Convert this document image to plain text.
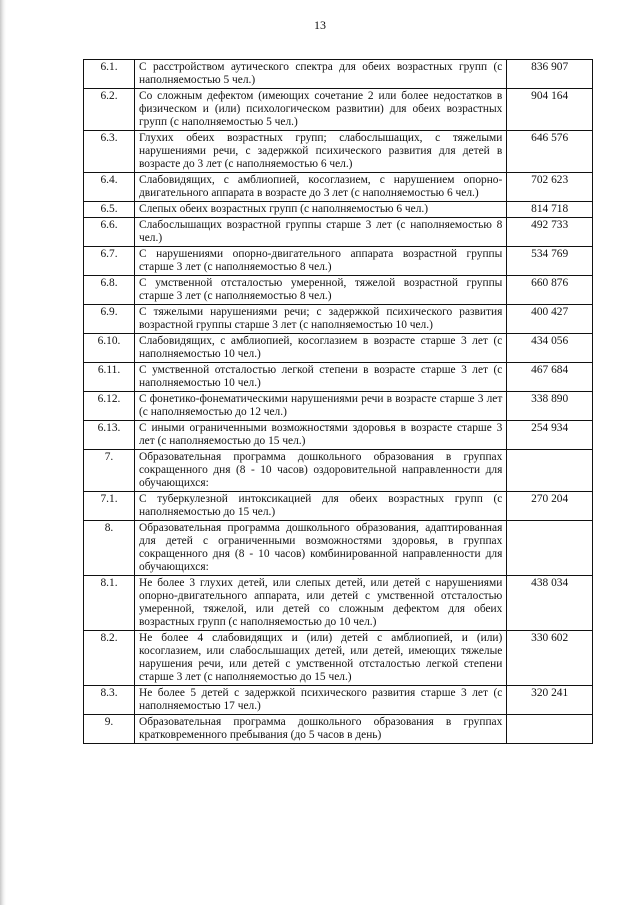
13
6.1.	С расстройством аутического спектра для обеих возрастных групп (с наполняемостью 5 чел.)	836 907
6.2.	Со сложным дефектом (имеющих сочетание 2 или более недостатков в физическом и (или) психологическом развитии) для обеих возрастных групп (с наполняемостью 5 чел.)	904 164
6.3.	Глухих обеих возрастных групп; слабослышащих, с тяжелыми нарушениями речи, с задержкой психического развития для детей в возрасте до 3 лет (с наполняемостью 6 чел.)	646 576
6.4.	Слабовидящих, с амблиопией, косоглазием, с нарушением опорно-двигательного аппарата в возрасте до 3 лет (с наполняемостью 6 чел.)	702 623
6.5.	Слепых обеих возрастных групп (с наполняемостью 6 чел.)	814 718
6.6.	Слабослышащих возрастной группы старше 3 лет (с наполняемостью 8 чел.)	492 733
6.7.	С нарушениями опорно-двигательного аппарата возрастной группы старше 3 лет (с наполняемостью 8 чел.)	534 769
6.8.	С умственной отсталостью умеренной, тяжелой возрастной группы старше 3 лет (с наполняемостью 8 чел.)	660 876
6.9.	С тяжелыми нарушениями речи; с задержкой психического развития возрастной группы старше 3 лет (с наполняемостью 10 чел.)	400 427
6.10.	Слабовидящих, с амблиопией, косоглазием в возрасте старше 3 лет (с наполняемостью 10 чел.)	434 056
6.11.	С умственной отсталостью легкой степени в возрасте старше 3 лет (с наполняемостью 10 чел.)	467 684
6.12.	С фонетико-фонематическими нарушениями речи в возрасте старше 3 лет (с наполняемостью до 12 чел.)	338 890
6.13.	С иными ограниченными возможностями здоровья в возрасте старше 3 лет (с наполняемостью до 15 чел.)	254 934
7.	Образовательная программа дошкольного образования в группах сокращенного дня (8 - 10 часов) оздоровительной направленности для обучающихся:	
7.1.	С туберкулезной интоксикацией для обеих возрастных групп (с наполняемостью до 15 чел.)	270 204
8.	Образовательная программа дошкольного образования, адаптированная для детей с ограниченными возможностями здоровья, в группах сокращенного дня (8 - 10 часов) комбинированной направленности для обучающихся:	
8.1.	Не более 3 глухих детей, или слепых детей, или детей с нарушениями опорно-двигательного аппарата, или детей с умственной отсталостью умеренной, тяжелой, или детей со сложным дефектом для обеих возрастных групп (с наполняемостью до 10 чел.)	438 034
8.2.	Не более 4 слабовидящих и (или) детей с амблиопией, и (или) косоглазием, или слабослышащих детей, или детей, имеющих тяжелые нарушения речи, или детей с умственной отсталостью легкой степени старше 3 лет (с наполняемостью до 15 чел.)	330 602
8.3.	Не более 5 детей с задержкой психического развития старше 3 лет (с наполняемостью 17 чел.)	320 241
9.	Образовательная программа дошкольного образования в группах кратковременного пребывания (до 5 часов в день)	
